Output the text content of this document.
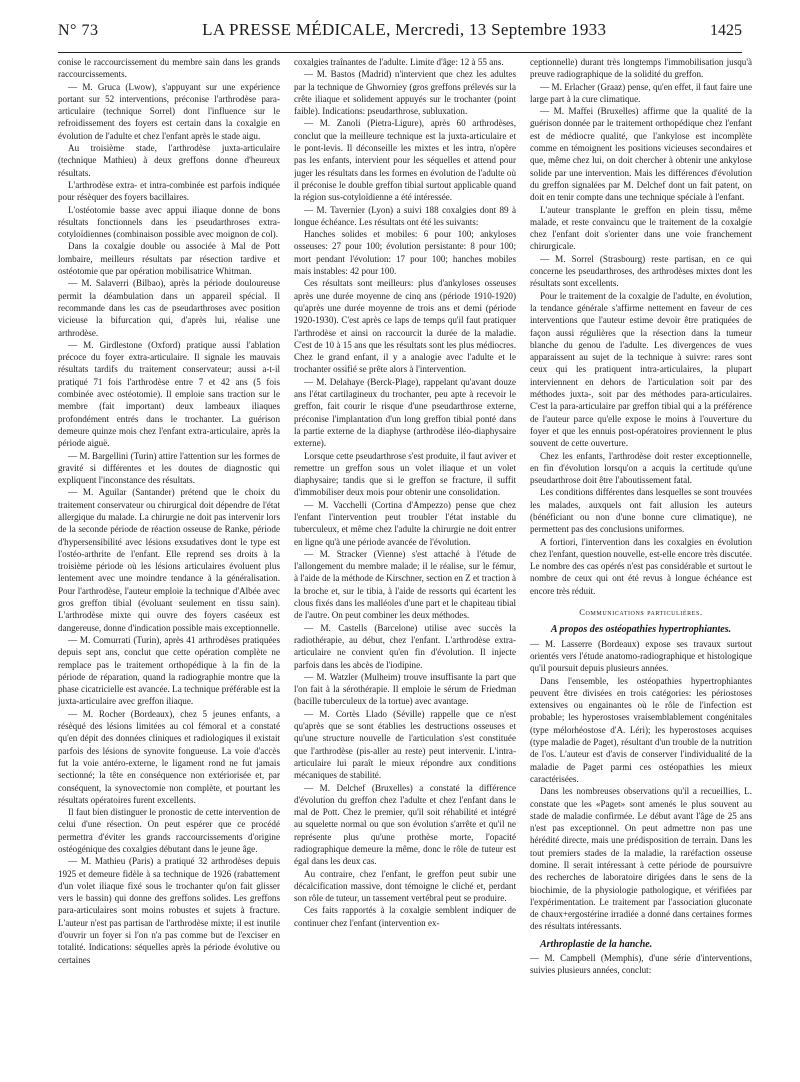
N° 73	LA PRESSE MÉDICALE, Mercredi, 13 Septembre 1933	1425

conise le raccourcissement du membre sain dans les grands raccourcissements.

— M. Gruca (Lwow), s'appuyant sur une expérience portant sur 52 interventions, préconise l'arthrodèse para-articulaire (technique Sorrel) dont l'influence sur le refroidissement des foyers est certain dans la coxalgie en évolution de l'adulte et chez l'enfant après le stade aigu.

Au troisième stade, l'arthrodèse juxta-articulaire (technique Mathieu) à deux greffons donne d'heureux résultats.

L'arthrodèse extra- et intra-combinée est parfois indiquée pour résèquer des foyers bacillaires.

L'ostéotomie basse avec appui iliaque donne de bons résultats fonctionnels dans les pseudarthroses extra-cotyloïdiennes (combinaison possible avec moignon de col).

Dans la coxalgie double ou associée à Mal de Pott lombaire, meilleurs résultats par résection tardive et ostéotomie que par opération mobilisatrice Whitman.

— M. Salaverri (Bilbao), après la période douloureuse permit la déambulation dans un appareil spécial. Il recommande dans les cas de pseudarthroses avec position vicieuse la bifurcation qui, d'après lui, réalise une arthrodèse.

— M. Girdlestone (Oxford) pratique aussi l'ablation précoce du foyer extra-articulaire. Il signale les mauvais résultats tardifs du traitement conservateur; aussi a-t-il pratiqué 71 fois l'arthrodèse entre 7 et 42 ans (5 fois combinée avec ostéotomie). Il emploie sans traction sur le membre (fait important) deux lambeaux iliaques profondément entrés dans le trochanter. La guérison demeure quinze mois chez l'enfant extra-articulaire, après la période aiguë.

— M. Bargellini (Turin) attire l'attention sur les formes de gravité si différentes et les doutes de diagnostic qui expliquent l'inconstance des résultats.

— M. Aguilar (Santander) prétend que le choix du traitement conservateur ou chirurgical doit dépendre de l'état allergique du malade. La chirurgie ne doit pas intervenir lors de la seconde période de réaction osseuse de Ranke, période d'hypersensibilité avec lésions exsudatives dont le type est l'ostéo-arthrite de l'enfant. Elle reprend ses droits à la troisième période où les lésions articulaires évoluent plus lentement avec une moindre tendance à la généralisation. Pour l'arthrodèse, l'auteur emploie la technique d'Albée avec gros greffon tibial (évoluant seulement en tissu sain). L'arthrodèse mixte qui ouvre des foyers caséeux est dangereuse, donne d'indication possible mais exceptionnelle.

— M. Comurrati (Turin), après 41 arthrodèses pratiquées depuis sept ans, conclut que cette opération complète ne remplace pas le traitement orthopédique à la fin de la période de réparation, quand la radiographie montre que la phase cicatricielle est avancée. La technique préférable est la juxta-articulaire avec greffon iliaque.

— M. Rocher (Bordeaux), chez 5 jeunes enfants, a résèqué des lésions limitées au col fémoral et a constaté qu'en dépit des données cliniques et radiologiques il existait parfois des lésions de synovite fongueuse. La voie d'accès fut la voie antéro-externe, le ligament rond ne fut jamais sectionné; la tête en conséquence non extériorisée et, par conséquent, la synovectomie non complète, et pourtant les résultats opératoires furent excellents.

Il faut bien distinguer le pronostic de cette intervention de celui d'une résection. On peut espérer que ce procédé permettra d'éviter les grands raccourcissements d'origine ostéogénique des coxalgies débutant dans le jeune âge.

— M. Mathieu (Paris) a pratiqué 32 arthrodèses depuis 1925 et demeure fidèle à sa technique de 1926 (rabattement d'un volet iliaque fixé sous le trochanter qu'on fait glisser vers le bassin) qui donne des greffons solides. Les greffons para-articulaires sont moins robustes et sujets à fracture. L'auteur n'est pas partisan de l'arthrodèse mixte; il est inutile d'ouvrir un foyer si l'on n'a pas comme but de l'exciser en totalité. Indications: séquelles après la période évolutive ou certaines

coxalgies traînantes de l'adulte. Limite d'âge: 12 à 55 ans.

— M. Bastos (Madrid) n'intervient que chez les adultes par la technique de Ghworniey (gros greffons prélevés sur la crête iliaque et solidement appuyés sur le trochanter (point faible). Indications: pseudarthrose, subluxation.

— M. Zanoli (Pietra-Ligure), après 60 arthrodèses, conclut que la meilleure technique est la juxta-articulaire et le pont-levis. Il déconseille les mixtes et les intra, n'opère pas les enfants, intervient pour les séquelles et attend pour juger les résultats dans les formes en évolution de l'adulte où il préconise le double greffon tibial surtout applicable quand la région sus-cotyloïdienne a été intéressée.

— M. Tavernier (Lyon) a suivi 188 coxalgies dont 89 à longue échéance. Les résultats ont été les suivants:

Hanches solides et mobiles: 6 pour 100; ankyloses osseuses: 27 pour 100; évolution persistante: 8 pour 100; mort pendant l'évolution: 17 pour 100; hanches mobiles mais instables: 42 pour 100.

Ces résultats sont meilleurs: plus d'ankyloses osseuses après une durée moyenne de cinq ans (période 1910-1920) qu'après une durée moyenne de trois ans et demi (période 1920-1930). C'est après ce laps de temps qu'il faut pratiquer l'arthrodèse et ainsi on raccourcit la durée de la maladie. C'est de 10 à 15 ans que les résultats sont les plus médiocres. Chez le grand enfant, il y a analogie avec l'adulte et le trochanter ossifié se prête alors à l'intervention.

— M. Delahaye (Berck-Plage), rappelant qu'avant douze ans l'état cartilagineux du trochanter, peu apte à recevoir le greffon, fait courir le risque d'une pseudarthrose externe, préconise l'implantation d'un long greffon tibial ponté dans la partie externe de la diaphyse (arthrodèse iléo-diaphysaire externe).

Lorsque cette pseudarthrose s'est produite, il faut aviver et remettre un greffon sous un volet iliaque et un volet diaphysaire; tandis que si le greffon se fracture, il suffit d'immobiliser deux mois pour obtenir une consolidation.

— M. Vacchelli (Cortina d'Ampezzo) pense que chez l'enfant l'intervention peut troubler l'état instable du tuberculeux, et même chez l'adulte la chirurgie ne doit entrer en ligne qu'à une période avancée de l'évolution.

— M. Stracker (Vienne) s'est attaché à l'étude de l'allongement du membre malade; il le réalise, sur le fémur, à l'aide de la méthode de Kirschner, section en Z et traction à la broche et, sur le tibia, à l'aide de ressorts qui écartent les clous fixés dans les malléoles d'une part et le chapiteau tibial de l'autre. On peut combiner les deux méthodes.

— M. Castells (Barcelone) utilise avec succès la radiothérapie, au début, chez l'enfant. L'arthrodèse extra-articulaire ne convient qu'en fin d'évolution. Il injecte parfois dans les abcès de l'iodipine.

— M. Watzler (Mulheim) trouve insuffisante la part que l'on fait à la sérothérapie. Il emploie le sérum de Friedman (bacille tuberculeux de la tortue) avec avantage.

— M. Cortès Llado (Séville) rappelle que ce n'est qu'après que se sont établies les destructions osseuses et qu'une structure nouvelle de l'articulation s'est constituée que l'arthrodèse (pis-aller au reste) peut intervenir. L'intra-articulaire lui paraît le mieux répondre aux conditions mécaniques de stabilité.

— M. Delchef (Bruxelles) a constaté la différence d'évolution du greffon chez l'adulte et chez l'enfant dans le mal de Pott. Chez le premier, qu'il soit réhabilité et intégré au squelette normal ou que son évolution s'arrête et qu'il ne représente plus qu'une prothèse morte, l'opacité radiographique demeure la même, donc le rôle de tuteur est égal dans les deux cas.

Au contraire, chez l'enfant, le greffon peut subir une décalcification massive, dont témoigne le cliché et, perdant son rôle de tuteur, un tassement vertébral peut se produire.

Ces faits rapportés à la coxalgie semblent indiquer de continuer chez l'enfant (intervention ex-

ceptionnelle) durant très longtemps l'immobilisation jusqu'à preuve radiographique de la solidité du greffon.

— M. Erlacher (Graaz) pense, qu'en effet, il faut faire une large part à la cure climatique.

— M. Maffei (Bruxelles) affirme que la qualité de la guérison donnée par le traitement orthopédique chez l'enfant est de médiocre qualité, que l'ankylose est incomplète comme en témoignent les positions vicieuses secondaires et que, même chez lui, on doit chercher à obtenir une ankylose solide par une intervention. Mais les différences d'évolution du greffon signalées par M. Delchef dont un fait patent, on doit en tenir compte dans une technique spéciale à l'enfant.

L'auteur transplante le greffon en plein tissu, même malade, et reste convaincu que le traitement de la coxalgie chez l'enfant doit s'orienter dans une voie franchement chirurgicale.

— M. Sorrel (Strasbourg) reste partisan, en ce qui concerne les pseudarthroses, des arthrodèses mixtes dont les résultats sont excellents.

Pour le traitement de la coxalgie de l'adulte, en évolution, la tendance générale s'affirme nettement en faveur de ces interventions que l'auteur estime devoir être pratiquées de façon aussi régulières que la résection dans la tumeur blanche du genou de l'adulte. Les divergences de vues apparaissent au sujet de la technique à suivre: rares sont ceux qui les pratiquent intra-articulaires, la plupart interviennent en dehors de l'articulation soit par des méthodes juxta-, soit par des méthodes para-articulaires. C'est la para-articulaire par greffon tibial qui a la préférence de l'auteur parce qu'elle expose le moins à l'ouverture du foyer et que les ennuis post-opératoires proviennent le plus souvent de cette ouverture.

Chez les enfants, l'arthrodèse doit rester exceptionnelle, en fin d'évolution lorsqu'on a acquis la certitude qu'une pseudarthrose doit être l'aboutissement fatal.

Les conditions différentes dans lesquelles se sont trouvées les malades, auxquels ont fait allusion les auteurs (bénéficiant ou non d'une bonne cure climatique), ne permettent pas des conclusions uniformes.

A fortiori, l'intervention dans les coxalgies en évolution chez l'enfant, question nouvelle, est-elle encore très discutée. Le nombre des cas opérés n'est pas considérable et surtout le nombre de ceux qui ont été revus à longue échéance est encore très réduit.

Communications particulières.

A propos des ostéopathies hypertrophiantes.

— M. Lasserre (Bordeaux) expose ses travaux surtout orientés vers l'étude anatomo-radiographique et histologique qu'il poursuit depuis plusieurs années.

Dans l'ensemble, les ostéopathies hypertrophiantes peuvent être divisées en trois catégories: les périostoses extensives ou engainantes où le rôle de l'infection est probable; les hyperostoses vraisemblablement congénitales (type mélorhéostose d'A. Léri); les hyperostoses acquises (type maladie de Paget), résultant d'un trouble de la nutrition de l'os. L'auteur est d'avis de conserver l'individualité de la maladie de Paget parmi ces ostéopathies les mieux caractérisées.

Dans les nombreuses observations qu'il a recueillies, L. constate que les «Paget» sont amenés le plus souvent au stade de maladie confirmée. Le début avant l'âge de 25 ans n'est pas exceptionnel. On peut admettre non pas une hérédité directe, mais une prédisposition de terrain. Dans les tout premiers stades de la maladie, la raréfaction osseuse domine. Il serait intéressant à cette période de poursuivre des recherches de laboratoire dirigées dans le sens de la biochimie, de la physiologie pathologique, et vérifiées par l'expérimentation. Le traitement par l'association gluconate de chaux+ergostérine irradiée a donné dans certaines formes des résultats intéressants.

Arthroplastie de la hanche.

— M. Campbell (Memphis), d'une série d'interventions, suivies plusieurs années, conclut:
